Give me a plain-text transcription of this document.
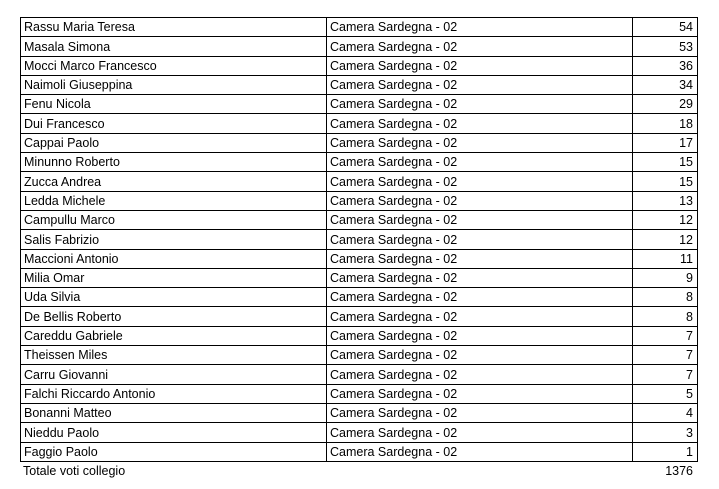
Rassu Maria Teresa	Camera Sardegna - 02	54
Masala Simona	Camera Sardegna - 02	53
Mocci Marco Francesco	Camera Sardegna - 02	36
Naimoli Giuseppina	Camera Sardegna - 02	34
Fenu Nicola	Camera Sardegna - 02	29
Dui Francesco	Camera Sardegna - 02	18
Cappai Paolo	Camera Sardegna - 02	17
Minunno Roberto	Camera Sardegna - 02	15
Zucca Andrea	Camera Sardegna - 02	15
Ledda Michele	Camera Sardegna - 02	13
Campullu Marco	Camera Sardegna - 02	12
Salis Fabrizio	Camera Sardegna - 02	12
Maccioni Antonio	Camera Sardegna - 02	11
Milia Omar	Camera Sardegna - 02	9
Uda Silvia	Camera Sardegna - 02	8
De Bellis Roberto	Camera Sardegna - 02	8
Careddu Gabriele	Camera Sardegna - 02	7
Theissen Miles	Camera Sardegna - 02	7
Carru Giovanni	Camera Sardegna - 02	7
Falchi Riccardo Antonio	Camera Sardegna - 02	5
Bonanni Matteo	Camera Sardegna - 02	4
Nieddu Paolo	Camera Sardegna - 02	3
Faggio Paolo	Camera Sardegna - 02	1
Totale voti collegio	1376
